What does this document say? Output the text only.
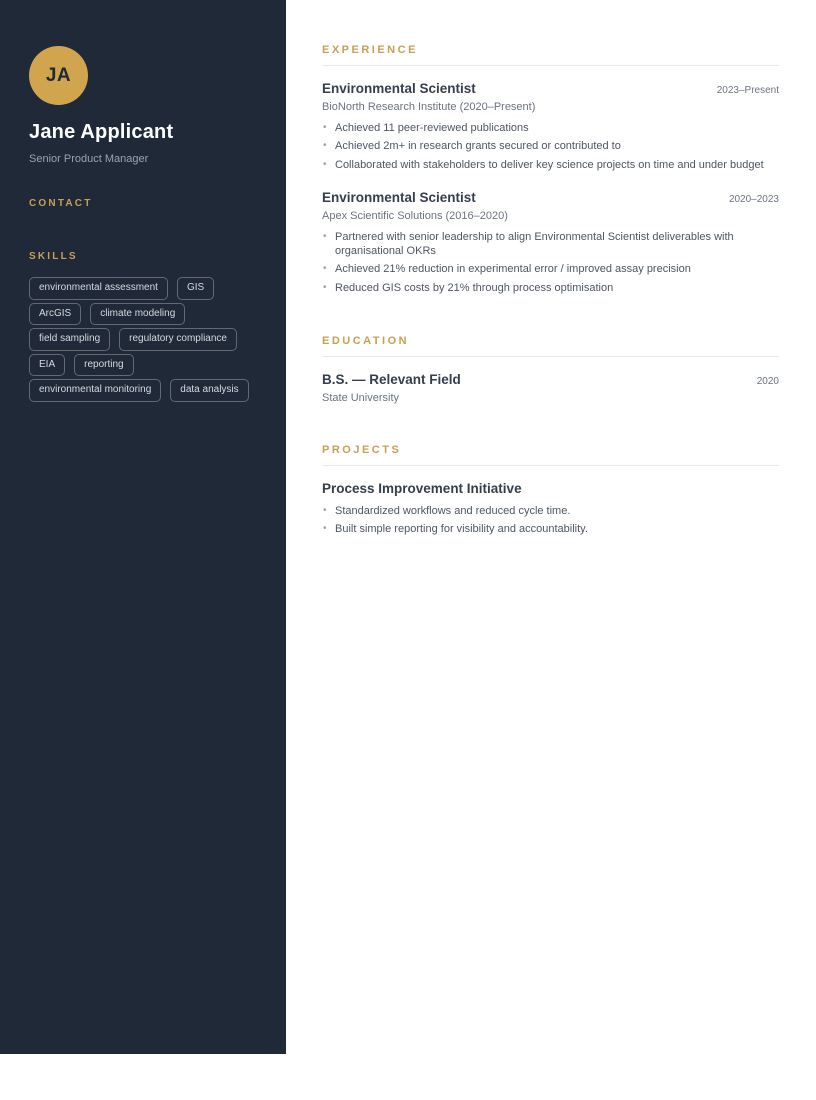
JA
Jane Applicant
Senior Product Manager
CONTACT
SKILLS
environmental assessment	GIS
ArcGIS	climate modeling
field sampling	regulatory compliance
EIA	reporting
environmental monitoring	data analysis
EXPERIENCE
Environmental Scientist	2023–Present
BioNorth Research Institute (2020–Present)
• Achieved 11 peer-reviewed publications
• Achieved 2m+ in research grants secured or contributed to
• Collaborated with stakeholders to deliver key science projects on time and under budget
Environmental Scientist	2020–2023
Apex Scientific Solutions (2016–2020)
• Partnered with senior leadership to align Environmental Scientist deliverables with organisational OKRs
• Achieved 21% reduction in experimental error / improved assay precision
• Reduced GIS costs by 21% through process optimisation
EDUCATION
B.S. — Relevant Field	2020
State University
PROJECTS
Process Improvement Initiative
• Standardized workflows and reduced cycle time.
• Built simple reporting for visibility and accountability.
